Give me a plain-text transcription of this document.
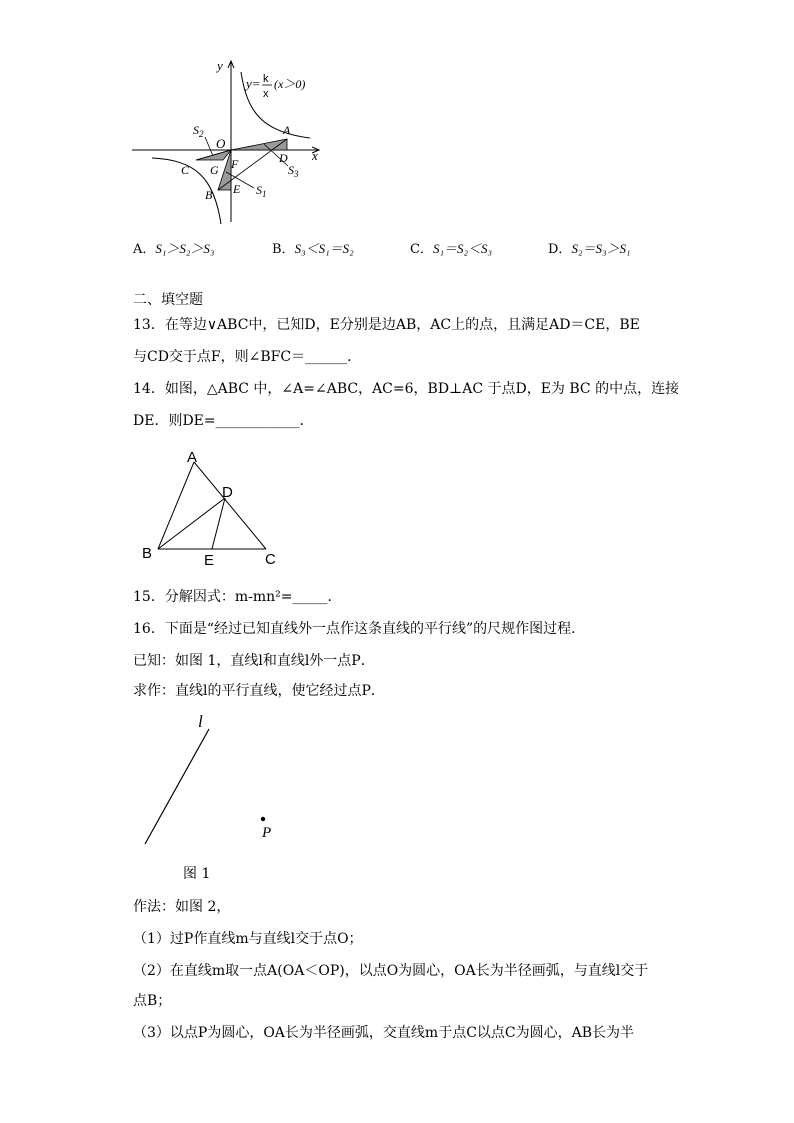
y
x
y= k
x
(x＞0)
O
A
D
C G F
B E
$S_2$
$S_3$
$S_1$
A．S₁＞S₂＞S₃	B．S₃＜S₁＝S₂	C．S₁＝S₂＜S₃	D．S₂＝S₃＞S₁
二、填空题
13．在等边∨ABC中，已知D，E分别是边AB，AC上的点，且满足AD＝CE，BE
与CD交于点F，则∠BFC＝______．
14．如图，△ABC 中，∠A=∠ABC，AC=6，BD⊥AC 于点D，E为 BC 的中点，连接
DE．则DE=____________．
A
D
B	E	C
15．分解因式：m-mn²=_____．
16．下面是“经过已知直线外一点作这条直线的平行线”的尺规作图过程．
已知：如图 1，直线l和直线l外一点P．
求作：直线l的平行直线，使它经过点P．
l
P
图 1
作法：如图 2，
（1）过P作直线m与直线l交于点O；
（2）在直线m取一点A(OA＜OP)，以点O为圆心，OA长为半径画弧，与直线l交于
点B；
（3）以点P为圆心，OA长为半径画弧，交直线m于点C以点C为圆心，AB长为半
